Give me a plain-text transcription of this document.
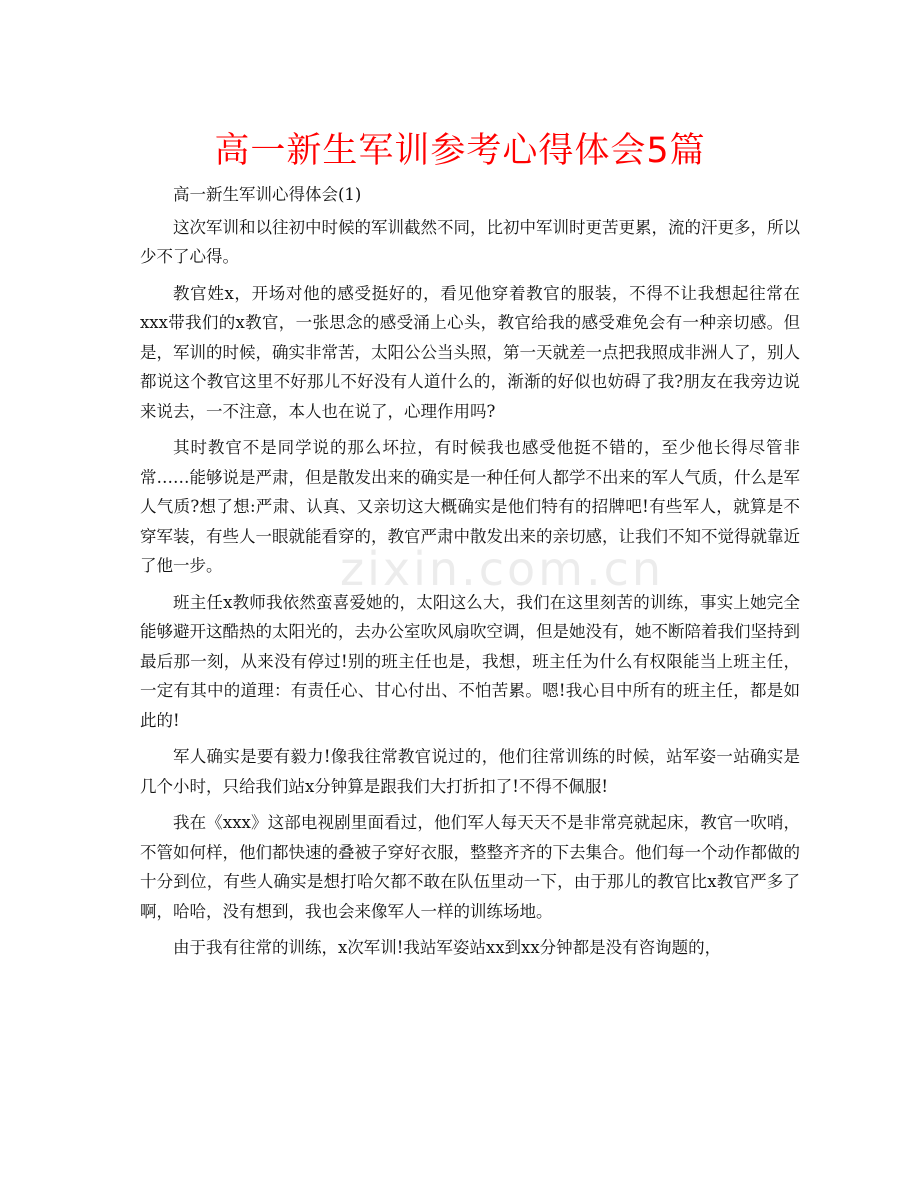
高一新生军训参考心得体会5篇

高一新生军训心得体会(1)

这次军训和以往初中时候的军训截然不同，比初中军训时更苦更累，流的汗更多，所以少不了心得。

教官姓x，开场对他的感受挺好的，看见他穿着教官的服装，不得不让我想起往常在xxx带我们的x教官，一张思念的感受涌上心头，教官给我的感受难免会有一种亲切感。但是，军训的时候，确实非常苦，太阳公公当头照，第一天就差一点把我照成非洲人了，别人都说这个教官这里不好那儿不好没有人道什么的，渐渐的好似也妨碍了我?朋友在我旁边说来说去，一不注意，本人也在说了，心理作用吗?

其时教官不是同学说的那么坏拉，有时候我也感受他挺不错的，至少他长得尽管非常……能够说是严肃，但是散发出来的确实是一种任何人都学不出来的军人气质，什么是军人气质?想了想:严肃、认真、又亲切这大概确实是他们特有的招牌吧!有些军人，就算是不穿军装，有些人一眼就能看穿的，教官严肃中散发出来的亲切感，让我们不知不觉得就靠近了他一步。

班主任x教师我依然蛮喜爱她的，太阳这么大，我们在这里刻苦的训练，事实上她完全能够避开这酷热的太阳光的，去办公室吹风扇吹空调，但是她没有，她不断陪着我们坚持到最后那一刻，从来没有停过!别的班主任也是，我想，班主任为什么有权限能当上班主任，一定有其中的道理：有责任心、甘心付出、不怕苦累。嗯!我心目中所有的班主任，都是如此的!

军人确实是要有毅力!像我往常教官说过的，他们往常训练的时候，站军姿一站确实是几个小时，只给我们站x分钟算是跟我们大打折扣了!不得不佩服!

我在《xxx》这部电视剧里面看过，他们军人每天天不是非常亮就起床，教官一吹哨，不管如何样，他们都快速的叠被子穿好衣服，整整齐齐的下去集合。他们每一个动作都做的十分到位，有些人确实是想打哈欠都不敢在队伍里动一下，由于那儿的教官比x教官严多了啊，哈哈，没有想到，我也会来像军人一样的训练场地。

由于我有往常的训练，x次军训!我站军姿站xx到xx分钟都是没有咨询题的，

zixin.com.cn
